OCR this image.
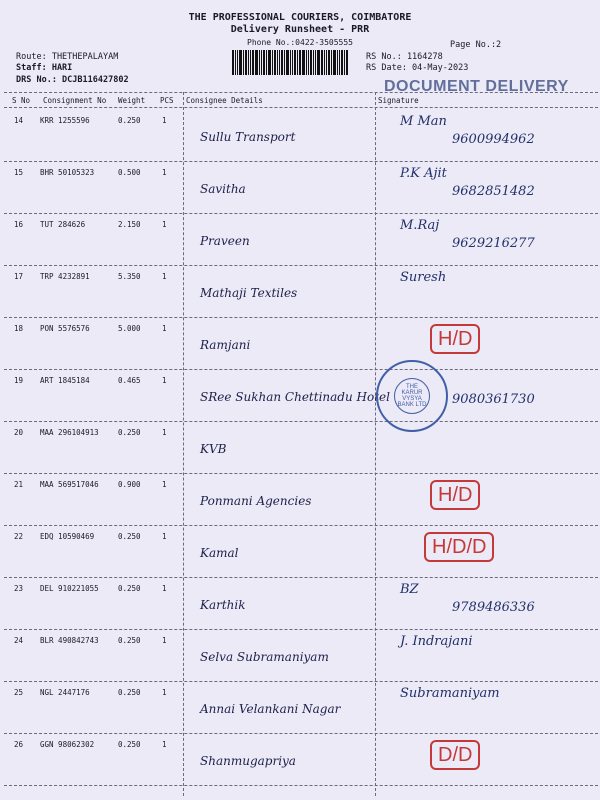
THE PROFESSIONAL COURIERS, COIMBATORE
Delivery Runsheet - PRR
Phone No.:0422-3505555	Page No.:2
Route: THETHEPALAYAM
Staff: HARI
DRS No.: DCJB116427802
RS No.: 1164278
RS Date: 04-May-2023
DOCUMENT DELIVERY
S No Consignment No Weight PCS Consignee Details	Signature
14 KRR 1255596	0.250	1
Sullu Transport
M Man
9600994962
15 BHR 50105323	0.500	1
Savitha
P.K Ajit
9682851482
16 TUT 284626	2.150	1
Praveen
M.Raj
9629216277
17 TRP 4232891	5.350	1
Mathaji Textiles
Suresh
18 PON 5576576	5.000	1
Ramjani	H/D
19 ART 1845184	0.465	1
SRee Sukhan Chettinadu Hotel	9080361730
20 MAA 296104913	0.250	1
KVB
21 MAA 569517046	0.900	1
Ponmani Agencies	H/D
22 EDQ 10590469	0.250	1
Kamal	H/D/D
23 DEL 910221055	0.250	1
Karthik
BZ
9789486336
24 BLR 490842743	0.250	1
Selva Subramaniyam
J. Indrajani
25 NGL 2447176	0.250	1
Annai Velankani Nagar
Subramaniyam
26 GGN 98062302	0.250	1
Shanmugapriya	D/D
THE KARUR VYSYA BANK LTD
